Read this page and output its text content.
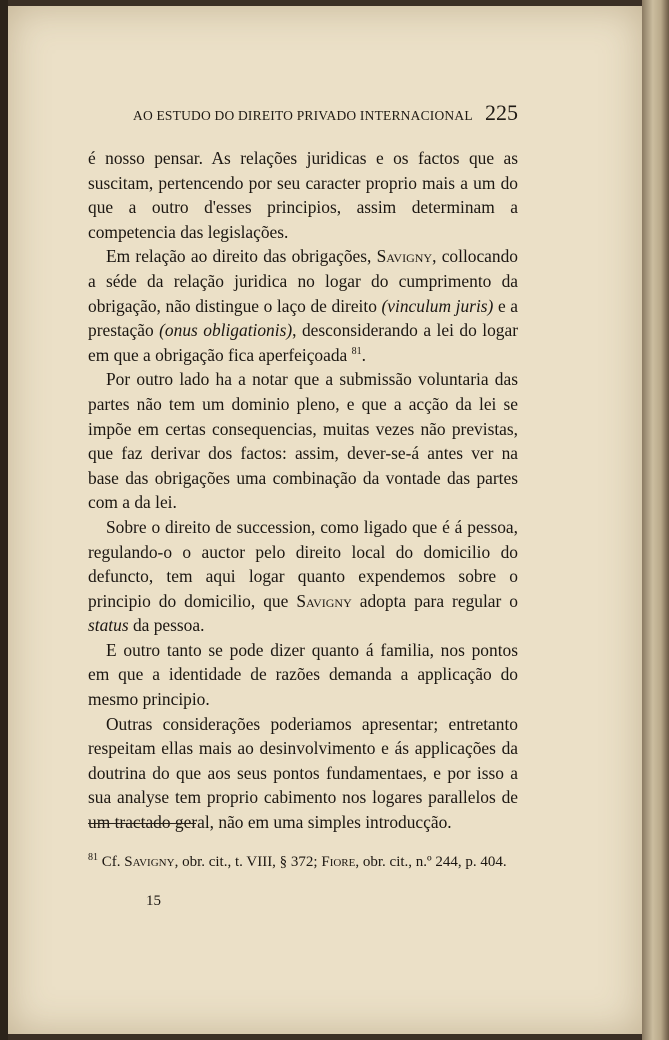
AO ESTUDO DO DIREITO PRIVADO INTERNACIONAL 225

é nosso pensar. As relações juridicas e os factos que as suscitam, pertencendo por seu caracter proprio mais a um do que a outro d'esses principios, assim determinam a competencia das legislações.

Em relação ao direito das obrigações, Savigny, collocando a séde da relação juridica no logar do cumprimento da obrigação, não distingue o laço de direito (vinculum juris) e a prestação (onus obligationis), desconsiderando a lei do logar em que a obrigação fica aperfeiçoada $^{81}$.

Por outro lado ha a notar que a submissão voluntaria das partes não tem um dominio pleno, e que a acção da lei se impõe em certas consequencias, muitas vezes não previstas, que faz derivar dos factos: assim, dever-se-á antes ver na base das obrigações uma combinação da vontade das partes com a da lei.

Sobre o direito de succession, como ligado que é á pessoa, regulando-o o auctor pelo direito local do domicilio do defuncto, tem aqui logar quanto expendemos sobre o principio do domicilio, que Savigny adopta para regular o status da pessoa.

E outro tanto se pode dizer quanto á familia, nos pontos em que a identidade de razões demanda a applicação do mesmo principio.

Outras considerações poderiamos apresentar; entretanto respeitam ellas mais ao desinvolvimento e ás applicações da doutrina do que aos seus pontos fundamentaes, e por isso a sua analyse tem proprio cabimento nos logares parallelos de um tractado geral, não em uma simples introducção.

$^{81}$ Cf. Savigny, obr. cit., t. VIII, § 372; Fiore, obr. cit., n.º 244, p. 404.
15
